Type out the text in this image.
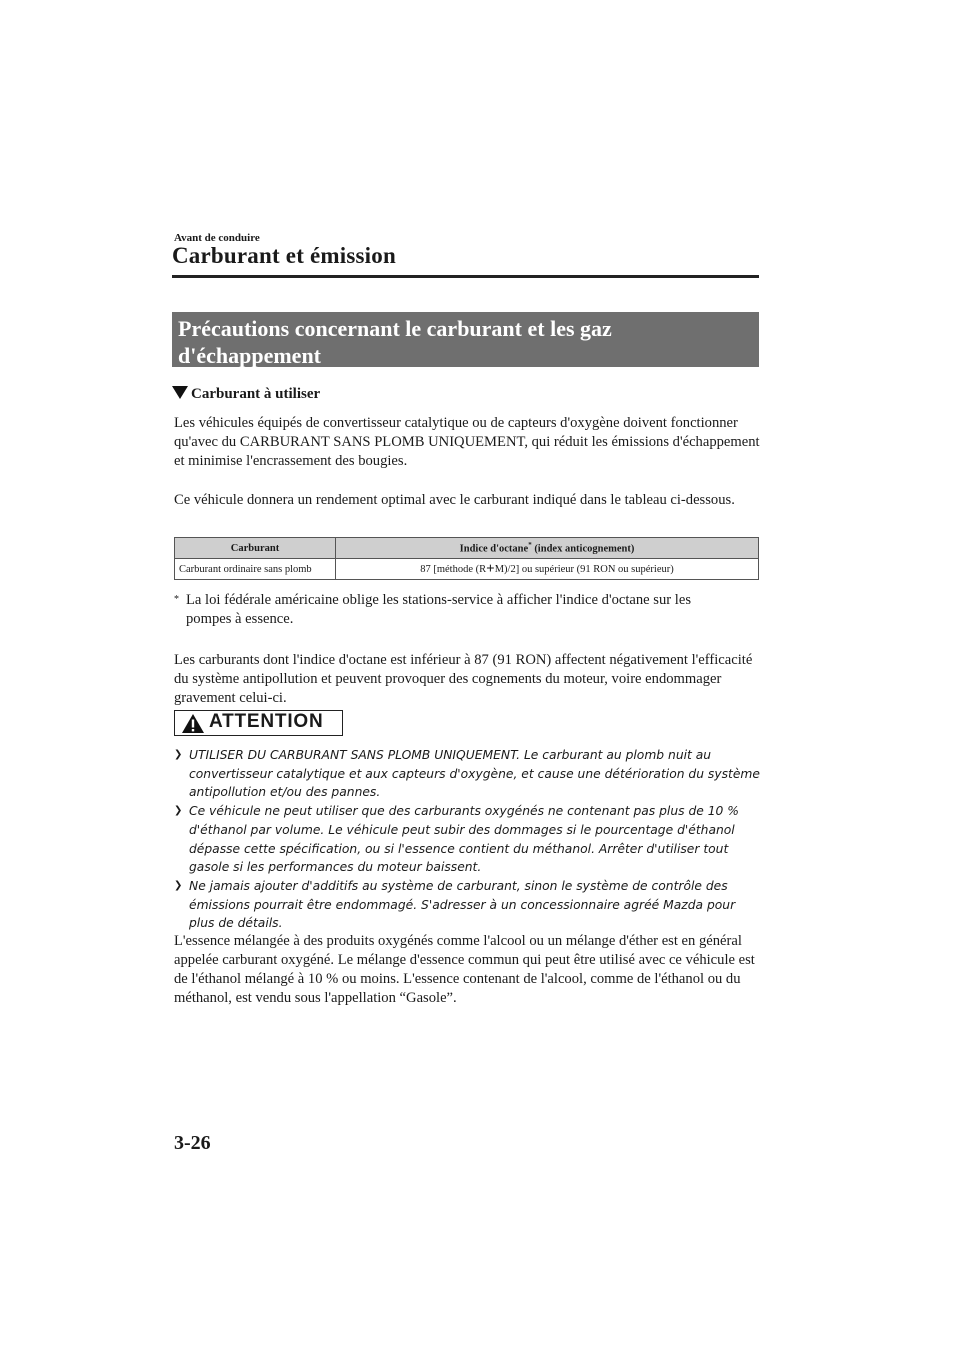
Avant de conduire
Carburant et émission
Précautions concernant le carburant et les gaz
d'échappement
Carburant à utiliser
Les véhicules équipés de convertisseur catalytique ou de capteurs d'oxygène doivent fonctionner qu'avec du CARBURANT SANS PLOMB UNIQUEMENT, qui réduit les émissions d'échappement et minimise l'encrassement des bougies.
Ce véhicule donnera un rendement optimal avec le carburant indiqué dans le tableau ci-dessous.
Carburant	Indice d'octane* (index anticognement)
Carburant ordinaire sans plomb	87 [méthode (R+M)/2] ou supérieur (91 RON ou supérieur)
* La loi fédérale américaine oblige les stations-service à afficher l'indice d'octane sur les
pompes à essence.
Les carburants dont l'indice d'octane est inférieur à 87 (91 RON) affectent négativement l'efficacité du système antipollution et peuvent provoquer des cognements du moteur, voire endommager gravement celui-ci.
ATTENTION
❯ UTILISER DU CARBURANT SANS PLOMB UNIQUEMENT. Le carburant au plomb nuit au convertisseur catalytique et aux capteurs d'oxygène, et cause une détérioration du système antipollution et/ou des pannes.
❯ Ce véhicule ne peut utiliser que des carburants oxygénés ne contenant pas plus de 10 % d'éthanol par volume. Le véhicule peut subir des dommages si le pourcentage d'éthanol dépasse cette spécification, ou si l'essence contient du méthanol. Arrêter d'utiliser tout gasole si les performances du moteur baissent.
❯ Ne jamais ajouter d'additifs au système de carburant, sinon le système de contrôle des émissions pourrait être endommagé. S'adresser à un concessionnaire agréé Mazda pour plus de détails.
L'essence mélangée à des produits oxygénés comme l'alcool ou un mélange d'éther est en général appelée carburant oxygéné. Le mélange d'essence commun qui peut être utilisé avec ce véhicule est de l'éthanol mélangé à 10 % ou moins. L'essence contenant de l'alcool, comme de l'éthanol ou du méthanol, est vendu sous l'appellation “Gasole”.
3-26
